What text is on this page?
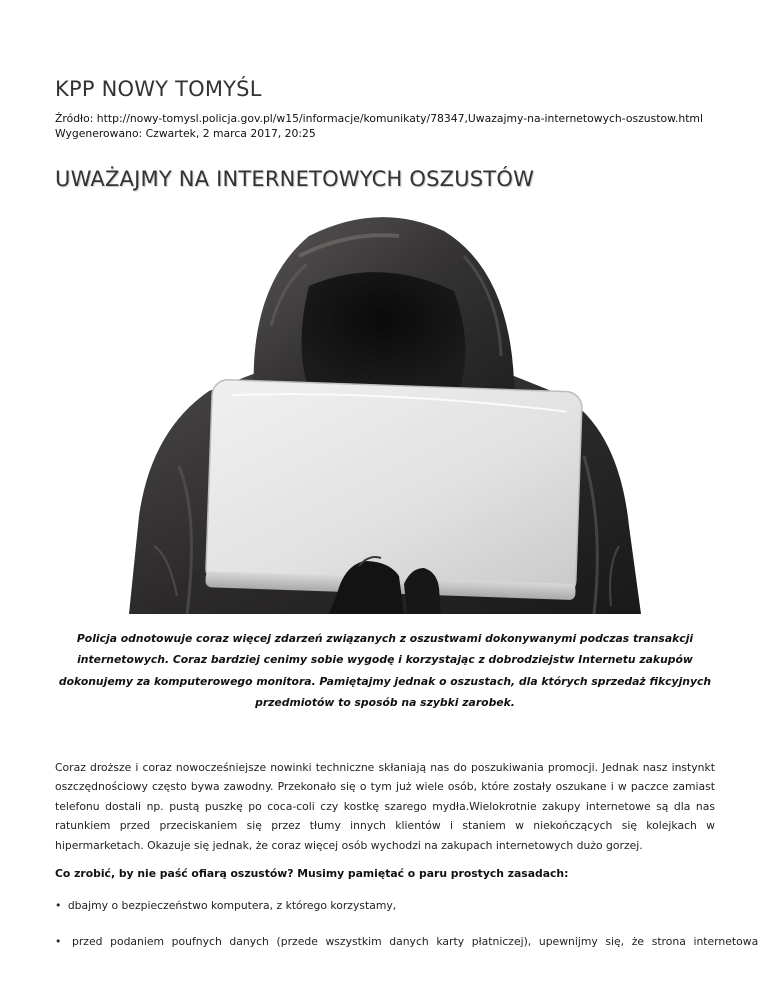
KPP NOWY TOMYŚL
Źródło: http://nowy-tomysl.policja.gov.pl/w15/informacje/komunikaty/78347,Uwazajmy-na-internetowych-oszustow.html
Wygenerowano: Czwartek, 2 marca 2017, 20:25
UWAŻAJMY NA INTERNETOWYCH OSZUSTÓW

Policja odnotowuje coraz więcej zdarzeń związanych z oszustwami dokonywanymi podczas transakcji internetowych. Coraz bardziej cenimy sobie wygodę i korzystając z dobrodziejstw Internetu zakupów dokonujemy za komputerowego monitora. Pamiętajmy jednak o oszustach, dla których sprzedaż fikcyjnych przedmiotów to sposób na szybki zarobek.

Coraz droższe i coraz nowocześniejsze nowinki techniczne skłaniają nas do poszukiwania promocji. Jednak nasz instynkt oszczędnościowy często bywa zawodny. Przekonało się o tym już wiele osób, które zostały oszukane i w paczce zamiast telefonu dostali np. pustą puszkę po coca-coli czy kostkę szarego mydła.Wielokrotnie zakupy internetowe są dla nas ratunkiem przed przeciskaniem się przez tłumy innych klientów i staniem w niekończących się kolejkach w hipermarketach. Okazuje się jednak, że coraz więcej osób wychodzi na zakupach internetowych dużo gorzej.

Co zrobić, by nie paść ofiarą oszustów? Musimy pamiętać o paru prostych zasadach:

• dbajmy o bezpieczeństwo komputera, z którego korzystamy,

• przed podaniem poufnych danych (przede wszystkim danych karty płatniczej), upewnijmy się, że strona internetowa
